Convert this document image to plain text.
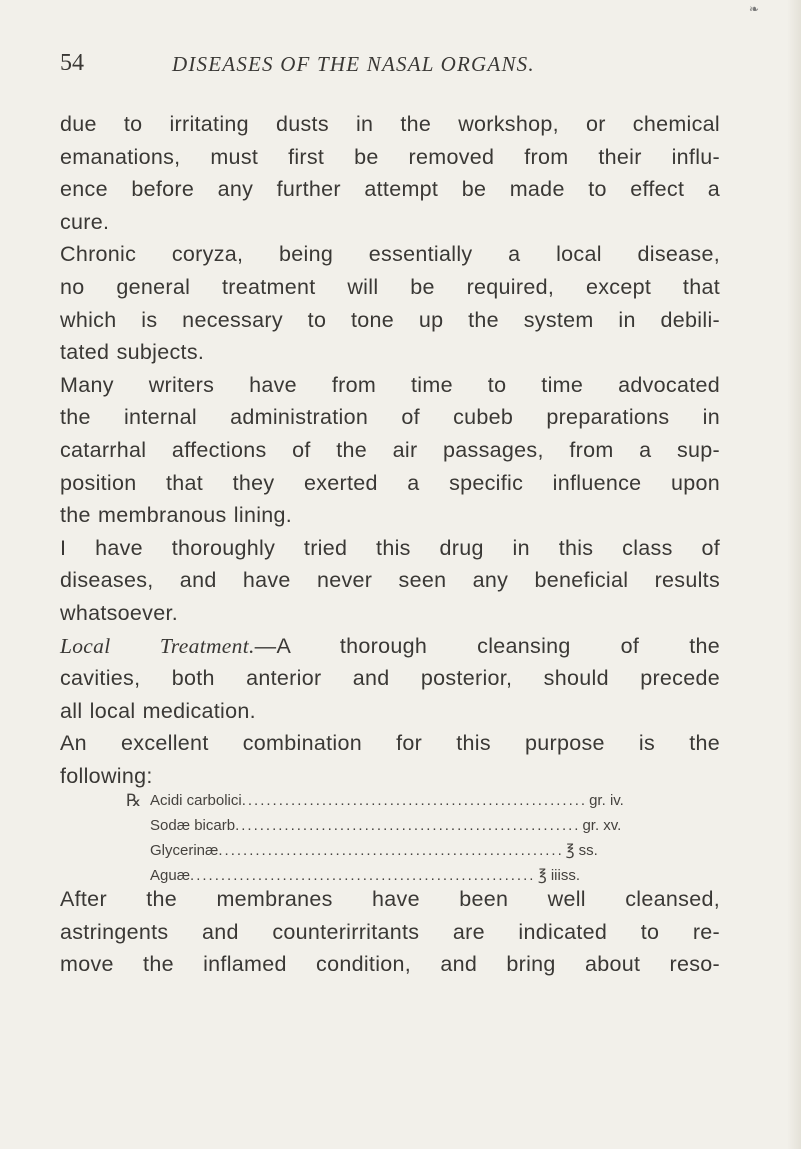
❧
54	DISEASES OF THE NASAL ORGANS.

due to irritating dusts in the workshop, or chemical
emanations, must first be removed from their influ-
ence before any further attempt be made to effect a
cure.

Chronic coryza, being essentially a local disease,
no general treatment will be required, except that
which is necessary to tone up the system in debili-
tated subjects.

Many writers have from time to time advocated
the internal administration of cubeb preparations in
catarrhal affections of the air passages, from a sup-
position that they exerted a specific influence upon
the membranous lining.

I have thoroughly tried this drug in this class of
diseases, and have never seen any beneficial results
whatsoever.

Local Treatment.—A thorough cleansing of the
cavities, both anterior and posterior, should precede
all local medication.

An excellent combination for this purpose is the
following:

℞ Acidi carbolici ........................................................ gr. iv.
Sodæ bicarb ........................................................ gr. xv.
Glycerinæ ........................................................ ℥ ss.
Aguæ ........................................................ ℥ iiiss.
After the membranes have been well cleansed,
astringents and counterirritants are indicated to re-
move the inflamed condition, and bring about reso-
